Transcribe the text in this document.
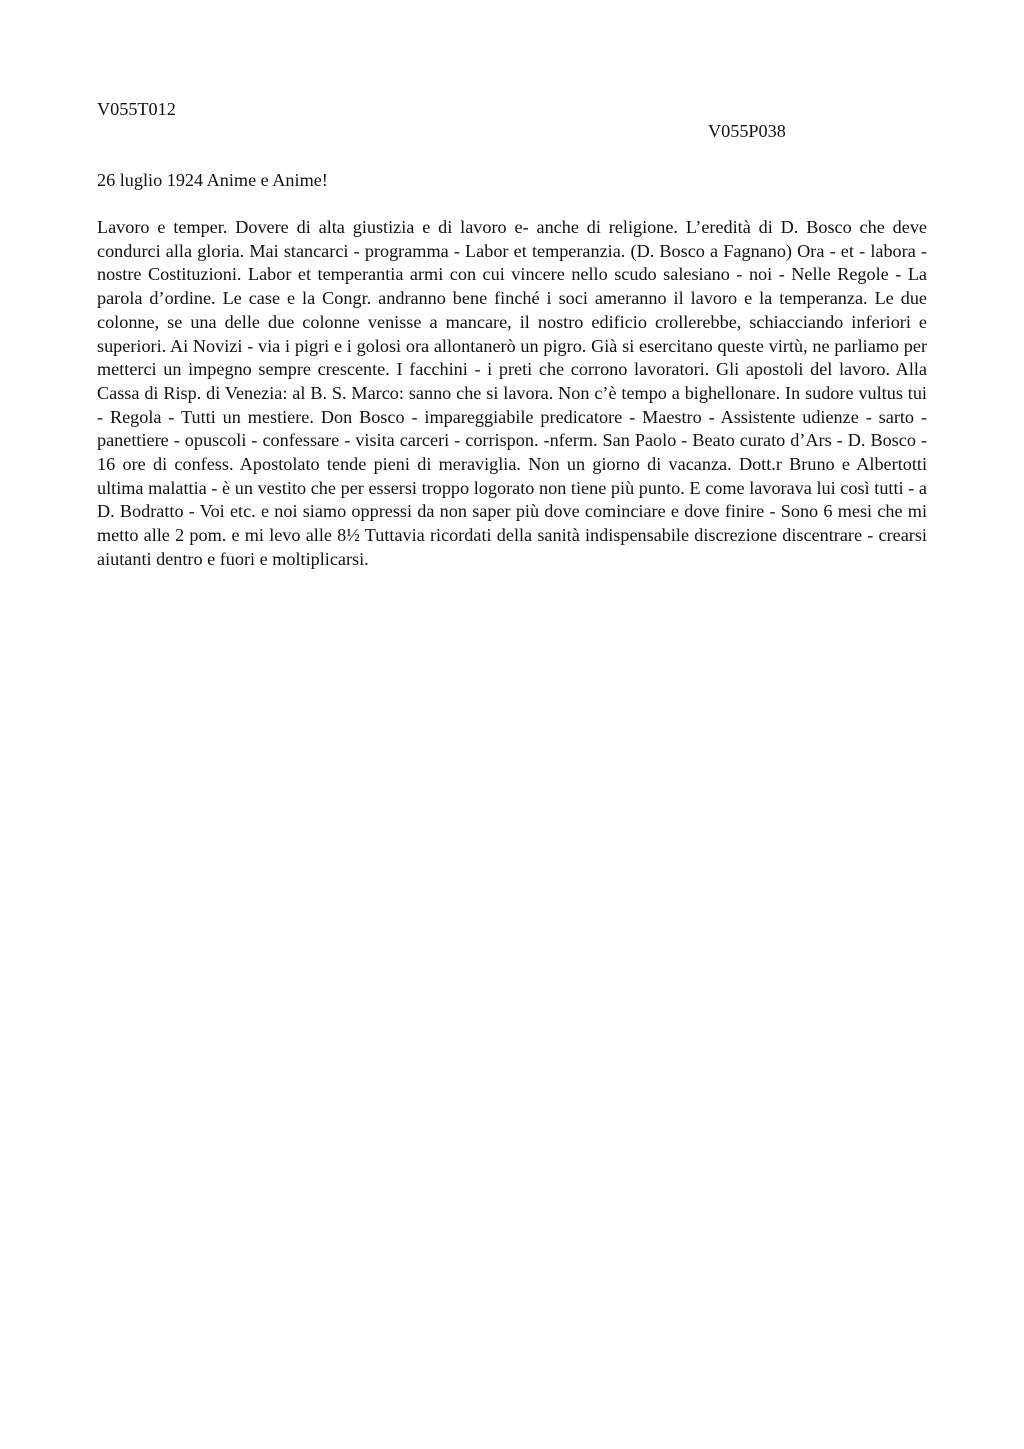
V055T012

V055P038

26 luglio 1924 Anime e Anime!

Lavoro e temper. Dovere di alta giustizia e di lavoro e- anche di religione. L’eredità di D. Bosco che deve condurci alla gloria. Mai stancarci - programma - Labor et temperanzia. (D. Bosco a Fagnano) Ora - et - labora - nostre Costituzioni. Labor et temperantia armi con cui vincere nello scudo salesiano - noi - Nelle Regole - La parola d’ordine. Le case e la Congr. andranno bene finché i soci ameranno il lavoro e la temperanza. Le due colonne, se una delle due colonne venisse a mancare, il nostro edificio crollerebbe, schiacciando inferiori e superiori. Ai Novizi - via i pigri e i golosi ora allontanerò un pigro. Già si esercitano queste virtù, ne parliamo per metterci un impegno sempre crescente. I facchini - i preti che corrono lavoratori. Gli apostoli del lavoro. Alla Cassa di Risp. di Venezia: al B. S. Marco: sanno che si lavora. Non c’è tempo a bighellonare. In sudore vultus tui - Regola - Tutti un mestiere. Don Bosco - impareggiabile predicatore - Maestro - Assistente udienze - sarto - panettiere - opuscoli - confessare - visita carceri - corrispon. -nferm. San Paolo - Beato curato d’Ars - D. Bosco - 16 ore di confess. Apostolato tende pieni di meraviglia. Non un giorno di vacanza. Dott.r Bruno e Albertotti ultima malattia - è un vestito che per essersi troppo logorato non tiene più punto. E come lavorava lui così tutti - a D. Bodratto - Voi etc. e noi siamo oppressi da non saper più dove cominciare e dove finire - Sono 6 mesi che mi metto alle 2 pom. e mi levo alle 8½ Tuttavia ricordati della sanità indispensabile discrezione discentrare - crearsi aiutanti dentro e fuori e moltiplicarsi.
